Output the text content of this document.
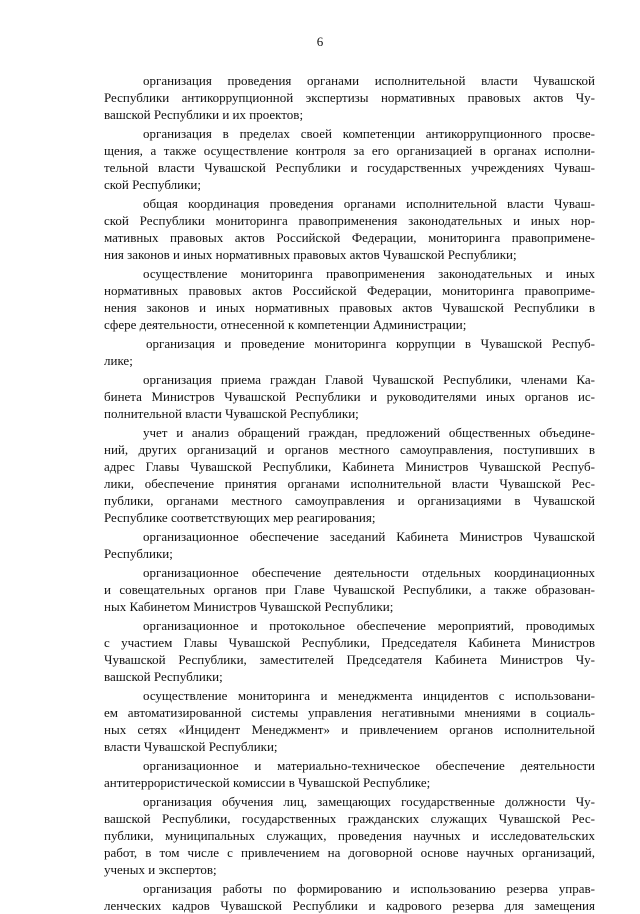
6
организация проведения органами исполнительной власти Чувашской
Республики антикоррупционной экспертизы нормативных правовых актов Чу-
вашской Республики и их проектов;
организация в пределах своей компетенции антикоррупционного просве-
щения, а также осуществление контроля за его организацией в органах исполни-
тельной власти Чувашской Республики и государственных учреждениях Чуваш-
ской Республики;
общая координация проведения органами исполнительной власти Чуваш-
ской Республики мониторинга правоприменения законодательных и иных нор-
мативных правовых актов Российской Федерации, мониторинга правопримене-
ния законов и иных нормативных правовых актов Чувашской Республики;
осуществление мониторинга правоприменения законодательных и иных
нормативных правовых актов Российской Федерации, мониторинга правоприме-
нения законов и иных нормативных правовых актов Чувашской Республики в
сфере деятельности, отнесенной к компетенции Администрации;
организация и проведение мониторинга коррупции в Чувашской Респуб-
лике;
организация приема граждан Главой Чувашской Республики, членами Ка-
бинета Министров Чувашской Республики и руководителями иных органов ис-
полнительной власти Чувашской Республики;
учет и анализ обращений граждан, предложений общественных объедине-
ний, других организаций и органов местного самоуправления, поступивших в
адрес Главы Чувашской Республики, Кабинета Министров Чувашской Респуб-
лики, обеспечение принятия органами исполнительной власти Чувашской Рес-
публики, органами местного самоуправления и организациями в Чувашской
Республике соответствующих мер реагирования;
организационное обеспечение заседаний Кабинета Министров Чувашской
Республики;
организационное обеспечение деятельности отдельных координационных
и совещательных органов при Главе Чувашской Республики, а также образован-
ных Кабинетом Министров Чувашской Республики;
организационное и протокольное обеспечение мероприятий, проводимых
с участием Главы Чувашской Республики, Председателя Кабинета Министров
Чувашской Республики, заместителей Председателя Кабинета Министров Чу-
вашской Республики;
осуществление мониторинга и менеджмента инцидентов с использовани-
ем автоматизированной системы управления негативными мнениями в социаль-
ных сетях «Инцидент Менеджмент» и привлечением органов исполнительной
власти Чувашской Республики;
организационное и материально-техническое обеспечение деятельности
антитеррористической комиссии в Чувашской Республике;
организация обучения лиц, замещающих государственные должности Чу-
вашской Республики, государственных гражданских служащих Чувашской Рес-
публики, муниципальных служащих, проведения научных и исследовательских
работ, в том числе с привлечением на договорной основе научных организаций,
ученых и экспертов;
организация работы по формированию и использованию резерва управ-
ленческих кадров Чувашской Республики и кадрового резерва для замещения
